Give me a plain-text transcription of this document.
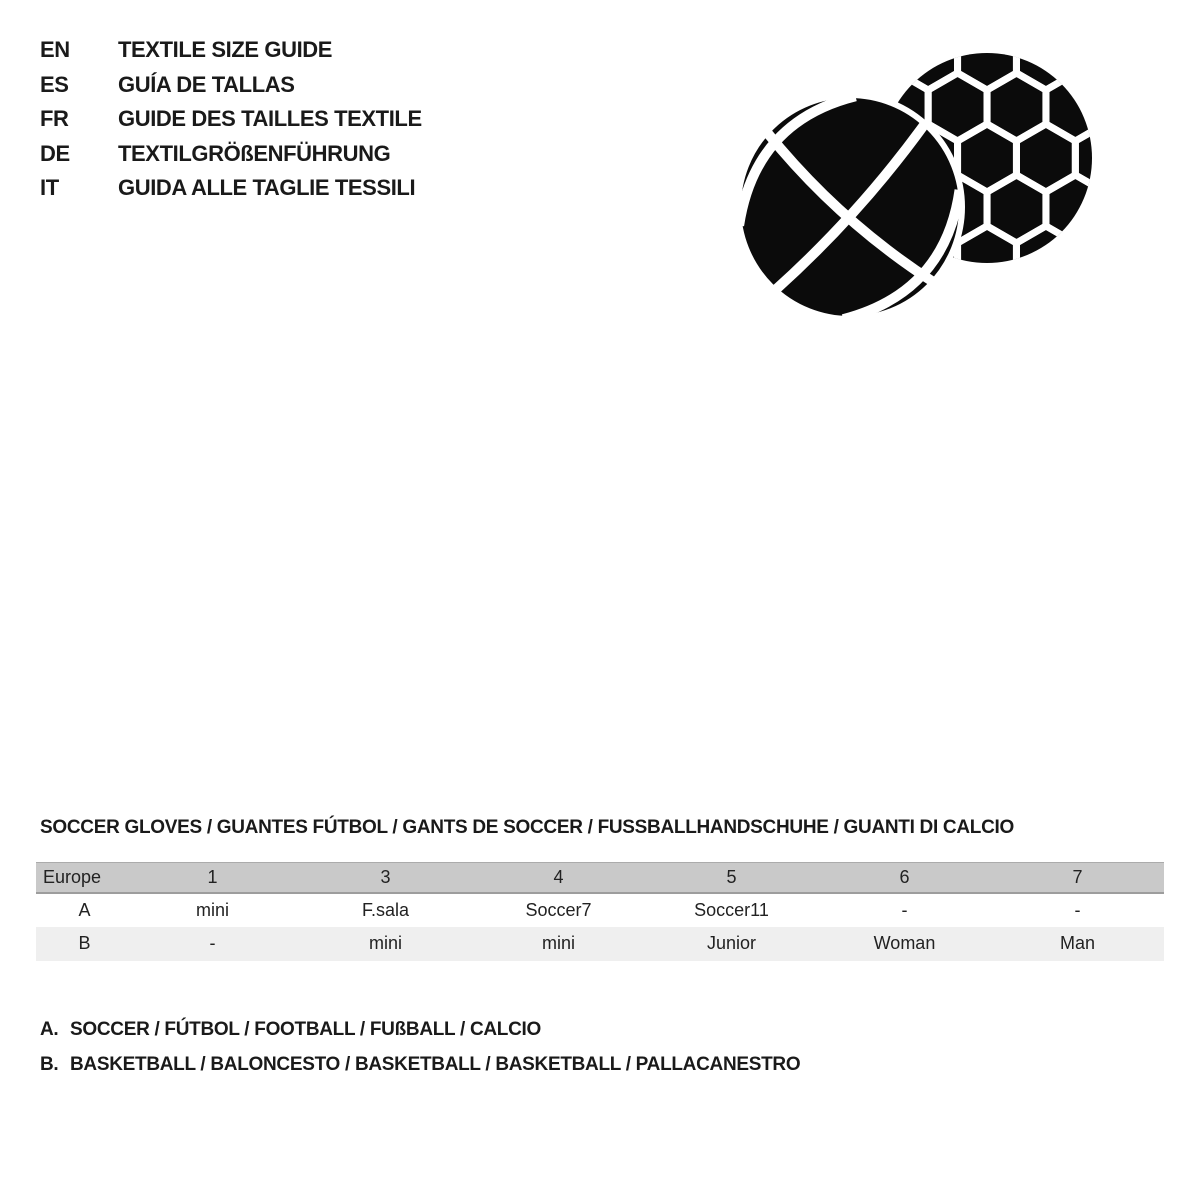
EN	TEXTILE SIZE GUIDE
ES	GUÍA DE TALLAS
FR	GUIDE DES TAILLES TEXTILE
DE	TEXTILGRÖßENFÜHRUNG
IT	GUIDA ALLE TAGLIE TESSILI
SOCCER GLOVES / GUANTES FÚTBOL / GANTS DE SOCCER / FUSSBALLHANDSCHUHE / GUANTI DI CALCIO
Europe	1	3	4	5	6	7
A	mini	F.sala	Soccer7	Soccer11	-	-
B	-	mini	mini	Junior	Woman	Man
A. SOCCER / FÚTBOL / FOOTBALL / FUßBALL / CALCIO
B. BASKETBALL / BALONCESTO / BASKETBALL / BASKETBALL / PALLACANESTRO
